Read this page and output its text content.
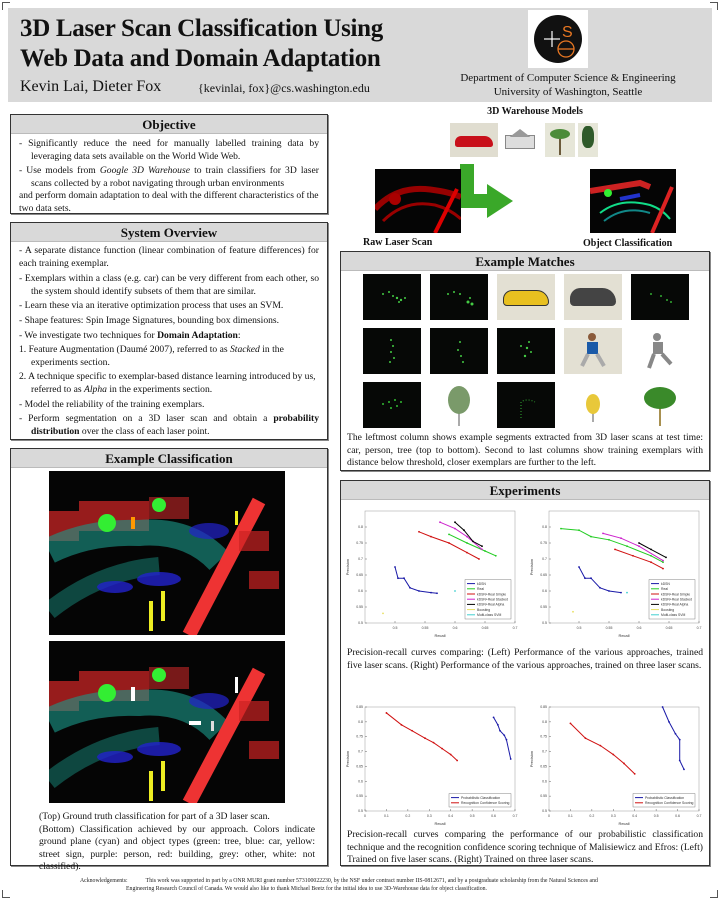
3D Laser Scan Classification Using
Web Data and Domain Adaptation
Kevin Lai, Dieter Fox	{kevinlai, fox}@cs.washington.edu
S
Department of Computer Science & Engineering
University of Washington, Seattle
Objective
- Significantly reduce the need for manually labelled training data by leveraging data sets available on the World Wide Web.
- Use models from Google 3D Warehouse to train classifiers for 3D laser scans collected by a robot navigating through urban environments
and perform domain adaptation to deal with the different characteristics of the two data sets.
3D Warehouse Models
Raw Laser Scan	Object Classification
System Overview
- A separate distance function (linear combination of feature differences) for each training exemplar.
- Exemplars within a class (e.g. car) can be very different from each other, so the system should identify subsets of them that are similar.
- Learn these via an iterative optimization process that uses an SVM.
- Shape features: Spin Image Signatures, bounding box dimensions.
- We investigate two techniques for Domain Adaptation:
1. Feature Augmentation (Daumé 2007), referred to as Stacked in the experiments section.
2. A technique specific to exemplar-based distance learning introduced by us, referred to as Alpha in the experiments section.
- Model the reliability of the training exemplars.
- Perform segmentation on a 3D laser scan and obtain a probability distribution over the class of each laser point.
Example Classification
(Top) Ground truth classification for part of a 3D laser scan.
(Bottom) Classification achieved by our approach. Colors indicate ground plane (cyan) and object types (green: tree, blue: car, yellow: street sign, purple: person, red: building, grey: other, white: not classified).
Example Matches
The leftmost column shows example segments extracted from 3D laser scans at test time: car, person, tree (top to bottom). Second to last columns show training exemplars with distance below threshold, closer exemplars are further to the left.
Experiments
0.5	0.55	0.6	0.65	0.7
0.5
0.55
0.6
0.65
0.7
0.75
0.8
Recall
Precision
kDSN
Real
kDSN+Real Simple
kDSN+Real Stacked
kDSN+Real Alpha
Boosting
Multi-class SVM
0.5	0.55	0.6	0.65	0.7
0.5
0.55
0.6
0.65
0.7
0.75
0.8
Recall
Precision
kDSN
Real
kDSN+Real Simple
kDSN+Real Stacked
kDSN+Real Alpha
Boosting
Multi-class SVM
Precision-recall curves comparing: (Left) Performance of the various approaches, trained five laser scans. (Right) Performance of the various approaches, trained on three laser scans.
0	0.1	0.2	0.3	0.4	0.5	0.6	0.7
0.5
0.55
0.6
0.65
0.7
0.75
0.8
0.85
Recall
Precision
Probabilistic Classification
Recognition Confidence Scoring
0	0.1	0.2	0.3	0.4	0.5	0.6	0.7
0.5
0.55
0.6
0.65
0.7
0.75
0.8
0.85
Recall
Precision
Probabilistic Classification
Recognition Confidence Scoring
Precision-recall curves comparing the performance of our probabilistic classification technique and the recognition confidence scoring technique of Malisiewicz and Efros: (Left) Trained on five laser scans. (Right) Trained on three laser scans.
Acknowledgements:	This work was supported in part by a ONR MURI grant number 573100022230, by the NSF under contract number IIS-0812671, and by a postgraduate scholarship from the Natural Sciences and
Engineering Research Council of Canada. We would also like to thank Michael Beetz for the initial idea to use 3D-Warehouse data for object classification.
